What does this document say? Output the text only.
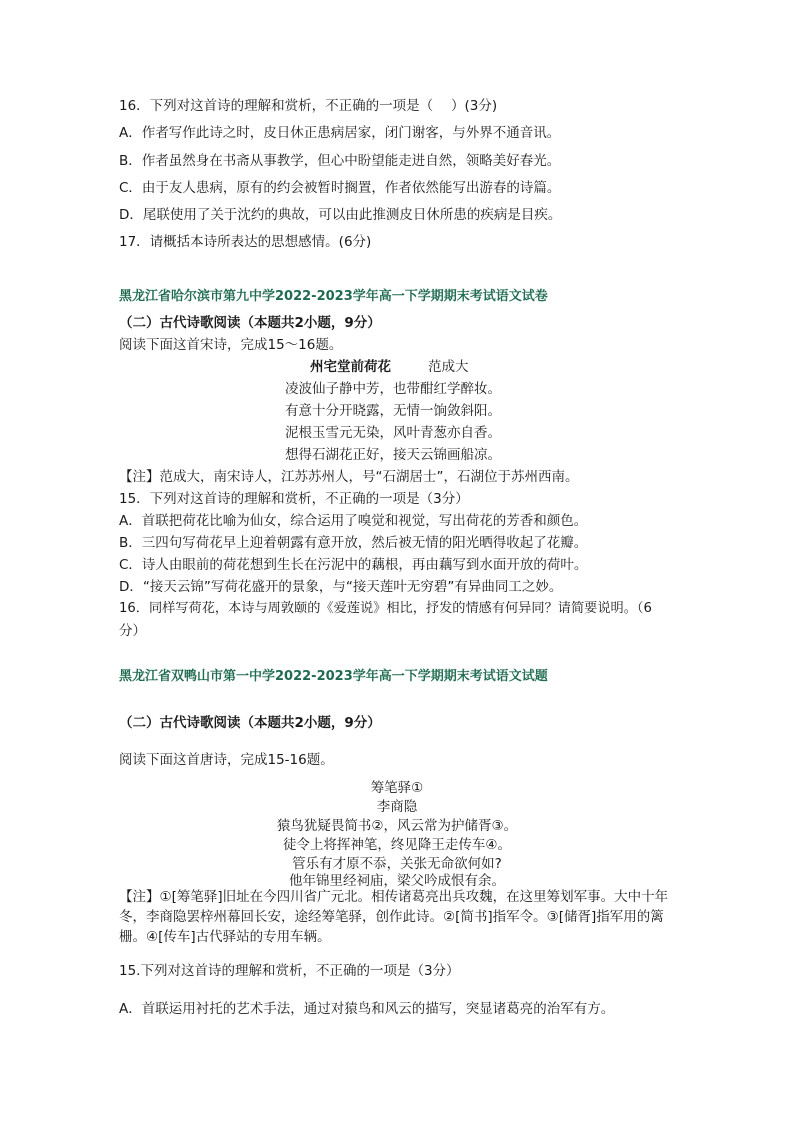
16．下列对这首诗的理解和赏析，不正确的一项是（　 ）(3分)
A．作者写作此诗之时，皮日休正患病居家，闭门谢客，与外界不通音讯。
B．作者虽然身在书斋从事教学，但心中盼望能走进自然，领略美好春光。
C．由于友人患病，原有的约会被暂时搁置，作者依然能写出游春的诗篇。
D．尾联使用了关于沈约的典故，可以由此推测皮日休所患的疾病是目疾。
17．请概括本诗所表达的思想感情。(6分)
黑龙江省哈尔滨市第九中学2022-2023学年高一下学期期末考试语文试卷
（二）古代诗歌阅读（本题共2小题，9分）
阅读下面这首宋诗，完成15～16题。
州宅堂前荷花	范成大
凌波仙子静中芳，也带酣红学醉妆。
有意十分开晓露，无情一饷敛斜阳。
泥根玉雪元无染，风叶青葱亦自香。
想得石湖花正好，接天云锦画船凉。
【注】范成大，南宋诗人，江苏苏州人，号“石湖居士”，石湖位于苏州西南。
15．下列对这首诗的理解和赏析，不正确的一项是（3分）
A．首联把荷花比喻为仙女，综合运用了嗅觉和视觉，写出荷花的芳香和颜色。
B．三四句写荷花早上迎着朝露有意开放，然后被无情的阳光晒得收起了花瓣。
C．诗人由眼前的荷花想到生长在污泥中的藕根，再由藕写到水面开放的荷叶。
D．“接天云锦”写荷花盛开的景象，与“接天莲叶无穷碧”有异曲同工之妙。
16．同样写荷花，本诗与周敦颐的《爱莲说》相比，抒发的情感有何异同？请简要说明。（6
分）
黑龙江省双鸭山市第一中学2022-2023学年高一下学期期末考试语文试题
（二）古代诗歌阅读（本题共2小题，9分）
阅读下面这首唐诗，完成15-16题。
筹笔驿①
李商隐
猿鸟犹疑畏简书②，风云常为护储胥③。
徒令上将挥神笔，终见降王走传车④。
管乐有才原不忝，关张无命欲何如?
他年锦里经祠庙，梁父吟成恨有余。
【注】①[筹笔驿]旧址在今四川省广元北。相传诸葛亮出兵攻魏，在这里筹划军事。大中十年冬，李商隐罢梓州幕回长安，途经筹笔驿，创作此诗。②[简书]指军令。③[储胥]指军用的篱栅。④[传车]古代驿站的专用车辆。
15.下列对这首诗的理解和赏析，不正确的一项是（3分）
A．首联运用衬托的艺术手法，通过对猿鸟和风云的描写，突显诸葛亮的治军有方。
